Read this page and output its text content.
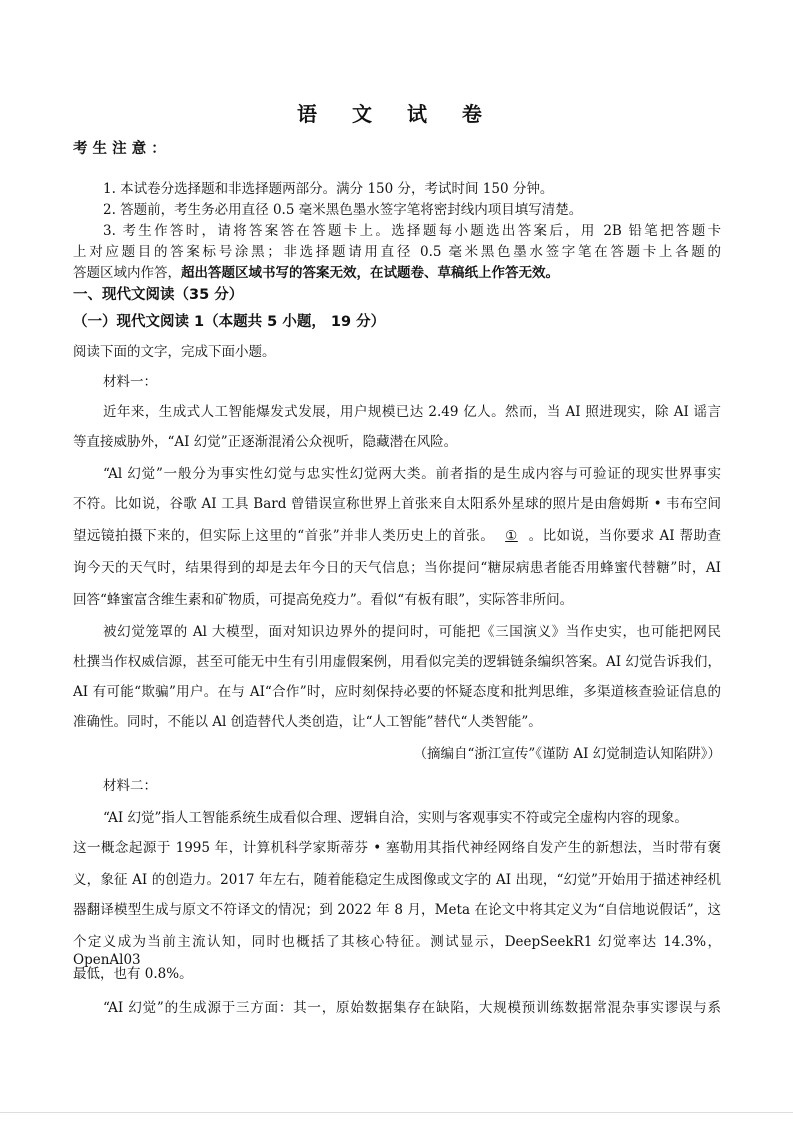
语 文 试 卷
考 生 注 意 ：
1. 本试卷分选择题和非选择题两部分。满分 150 分，考试时间 150 分钟。
2. 答题前，考生务必用直径 0.5 毫米黑色墨水签字笔将密封线内项目填写清楚。
3. 考生作答时，请将答案答在答题卡上。选择题每小题选出答案后，用 2B 铅笔把答题卡
上对应题目的答案标号涂黑；非选择题请用直径 0.5 毫米黑色墨水签字笔在答题卡上各题的
答题区域内作答，超出答题区域书写的答案无效，在试题卷、草稿纸上作答无效。
一、现代文阅读（35 分）
（一）现代文阅读 1（本题共 5 小题， 19 分）
阅读下面的文字，完成下面小题。
材料一：
近年来，生成式人工智能爆发式发展，用户规模已达 2.49 亿人。然而，当 AI 照进现实，除 AI 谣言
等直接威胁外，“AI 幻觉”正逐渐混淆公众视听，隐藏潜在风险。
“Al 幻觉”一般分为事实性幻觉与忠实性幻觉两大类。前者指的是生成内容与可验证的现实世界事实
不符。比如说，谷歌 AI 工具 Bard 曾错误宣称世界上首张来自太阳系外星球的照片是由詹姆斯 • 韦布空间
望远镜拍摄下来的，但实际上这里的“首张”并非人类历史上的首张。 ① 。比如说，当你要求 AI 帮助查
询今天的天气时，结果得到的却是去年今日的天气信息；当你提问“糖尿病患者能否用蜂蜜代替糖”时，AI
回答“蜂蜜富含维生素和矿物质，可提高免疫力”。看似“有板有眼”，实际答非所问。
被幻觉笼罩的 Al 大模型，面对知识边界外的提问时，可能把《三国演义》当作史实，也可能把网民
杜撰当作权威信源，甚至可能无中生有引用虚假案例，用看似完美的逻辑链条编织答案。AI 幻觉告诉我们，
AI 有可能“欺骗”用户。在与 AI“合作”时，应时刻保持必要的怀疑态度和批判思维，多渠道核查验证信息的
准确性。同时，不能以 Al 创造替代人类创造，让“人工智能”替代“人类智能”。
（摘编自“浙江宣传”《谨防 AI 幻觉制造认知陷阱》）
材料二：
“AI 幻觉”指人工智能系统生成看似合理、逻辑自洽，实则与客观事实不符或完全虚构内容的现象。
这一概念起源于 1995 年，计算机科学家斯蒂芬 • 塞勒用其指代神经网络自发产生的新想法，当时带有褒
义，象征 AI 的创造力。2017 年左右，随着能稳定生成图像或文字的 AI 出现，“幻觉”开始用于描述神经机
器翻译模型生成与原文不符译文的情况；到 2022 年 8 月，Meta 在论文中将其定义为“自信地说假话”，这
个定义成为当前主流认知，同时也概括了其核心特征。测试显示，DeepSeekR1 幻觉率达 14.3%，OpenAl03
最低，也有 0.8%。
“AI 幻觉”的生成源于三方面：其一，原始数据集存在缺陷，大规模预训练数据常混杂事实谬误与系
